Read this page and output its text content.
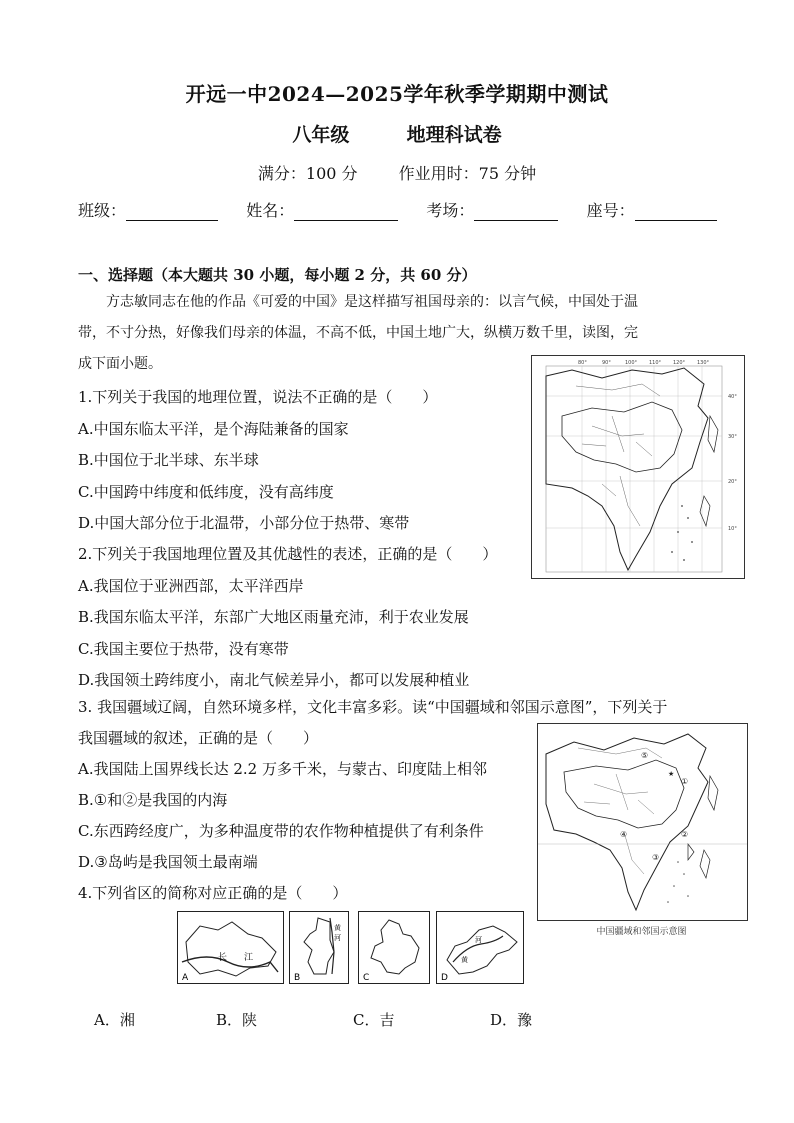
开远一中2024—2025学年秋季学期期中测试
八年级	地理科试卷
满分：100 分	作业用时：75 分钟
班级：	姓名：	考场：	座号：
一、选择题（本大题共 30 小题，每小题 2 分，共 60 分）
方志敏同志在他的作品《可爱的中国》是这样描写祖国母亲的：以言气候，中国处于温
带，不寸分热，好像我们母亲的体温，不高不低，中国土地广大，纵横万数千里，读图，完
成下面小题。	80°	90°	100° 110° 120° 130°
40°
30°
20°
10°
1.下列关于我国的地理位置，说法不正确的是（　　）
A.中国东临太平洋，是个海陆兼备的国家
B.中国位于北半球、东半球
C.中国跨中纬度和低纬度，没有高纬度
D.中国大部分位于北温带，小部分位于热带、寒带
2.下列关于我国地理位置及其优越性的表述，正确的是（　　）
A.我国位于亚洲西部，太平洋西岸
B.我国东临太平洋，东部广大地区雨量充沛，利于农业发展
C.我国主要位于热带，没有寒带
D.我国领土跨纬度小，南北气候差异小，都可以发展种植业
3. 我国疆域辽阔，自然环境多样，文化丰富多彩。读“中国疆域和邻国示意图”，下列关于
我国疆域的叙述，正确的是（　　）
A.我国陆上国界线长达 2.2 万多千米，与蒙古、印度陆上相邻
B.①和②是我国的内海
C.东西跨经度广，为多种温度带的农作物种植提供了有利条件
D.③岛屿是我国领土最南端
①
②
③
④
⑤
★
中国疆域和邻国示意图
4.下列省区的简称对应正确的是（　　）
A
长 江
B
黄
河
C	D
河
黄
A．湘	B．陕	C．吉	D．豫
